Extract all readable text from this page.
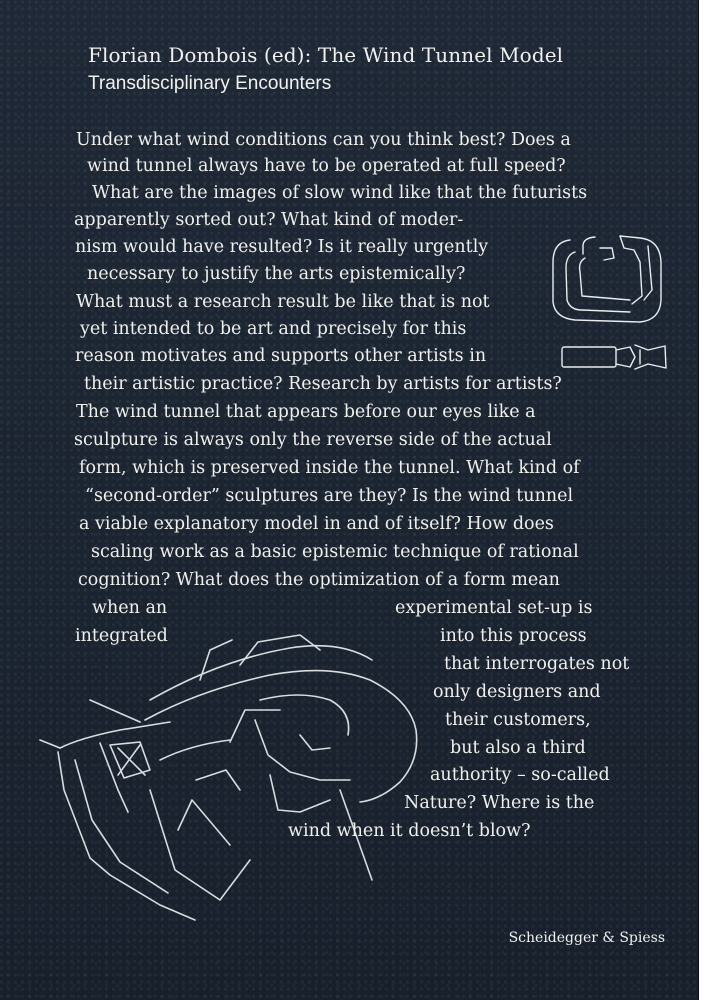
Florian Dombois (ed): The Wind Tunnel Model
Transdisciplinary Encounters
Under what wind conditions can you think best? Does a
wind tunnel always have to be operated at full speed?
What are the images of slow wind like that the futurists
apparently sorted out? What kind of moder-
nism would have resulted? Is it really urgently
necessary to justify the arts epistemically?
What must a research result be like that is not
yet intended to be art and precisely for this
reason motivates and supports other artists in
their artistic practice? Research by artists for artists?
The wind tunnel that appears before our eyes like a
sculpture is always only the reverse side of the actual
form, which is preserved inside the tunnel. What kind of
“second-order” sculptures are they? Is the wind tunnel
a viable explanatory model in and of itself? How does
scaling work as a basic epistemic technique of rational
cognition? What does the optimization of a form mean
when an	experimental set-up is
integrated	into this process
that interrogates not
only designers and
their customers,
but also a third
authority – so-called
Nature? Where is the
wind when it doesn’t blow?
Scheidegger & Spiess
